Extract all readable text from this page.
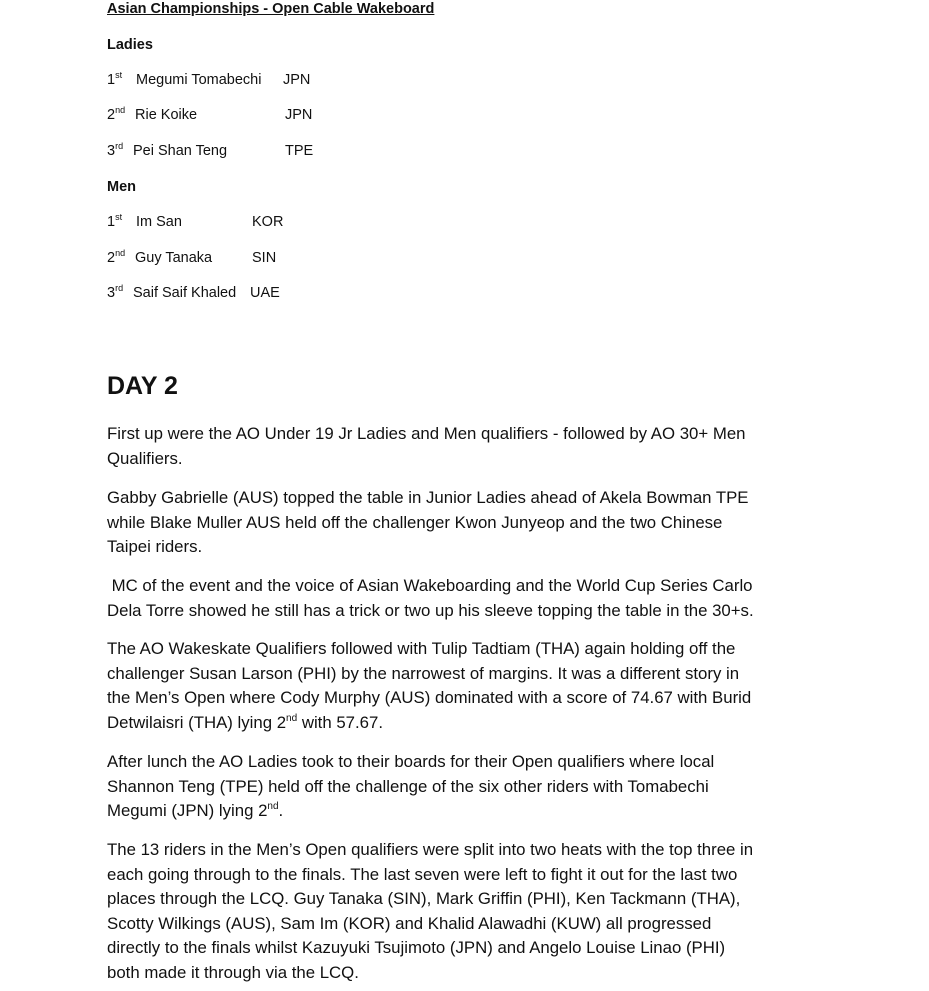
Asian Championships - Open Cable Wakeboard
Ladies
1st Megumi Tomabechi JPN
2nd Rie Koike	JPN
3rd Pei Shan Teng	TPE
Men
1st Im San	KOR
2nd Guy Tanaka	SIN
3rd Saif Saif Khaled UAE
DAY 2
First up were the AO Under 19 Jr Ladies and Men qualifiers - followed by AO 30+ Men
Qualifiers.
Gabby Gabrielle (AUS) topped the table in Junior Ladies ahead of Akela Bowman TPE
while Blake Muller AUS held off the challenger Kwon Junyeop and the two Chinese
Taipei riders.
MC of the event and the voice of Asian Wakeboarding and the World Cup Series Carlo
Dela Torre showed he still has a trick or two up his sleeve topping the table in the 30+s.
The AO Wakeskate Qualifiers followed with Tulip Tadtiam (THA) again holding off the
challenger Susan Larson (PHI) by the narrowest of margins. It was a different story in
the Men’s Open where Cody Murphy (AUS) dominated with a score of 74.67 with Burid
Detwilaisri (THA) lying 2nd with 57.67.
After lunch the AO Ladies took to their boards for their Open qualifiers where local
Shannon Teng (TPE) held off the challenge of the six other riders with Tomabechi
Megumi (JPN) lying 2nd.
The 13 riders in the Men’s Open qualifiers were split into two heats with the top three in
each going through to the finals. The last seven were left to fight it out for the last two
places through the LCQ. Guy Tanaka (SIN), Mark Griffin (PHI), Ken Tackmann (THA),
Scotty Wilkings (AUS), Sam Im (KOR) and Khalid Alawadhi (KUW) all progressed
directly to the finals whilst Kazuyuki Tsujimoto (JPN) and Angelo Louise Linao (PHI)
both made it through via the LCQ.
